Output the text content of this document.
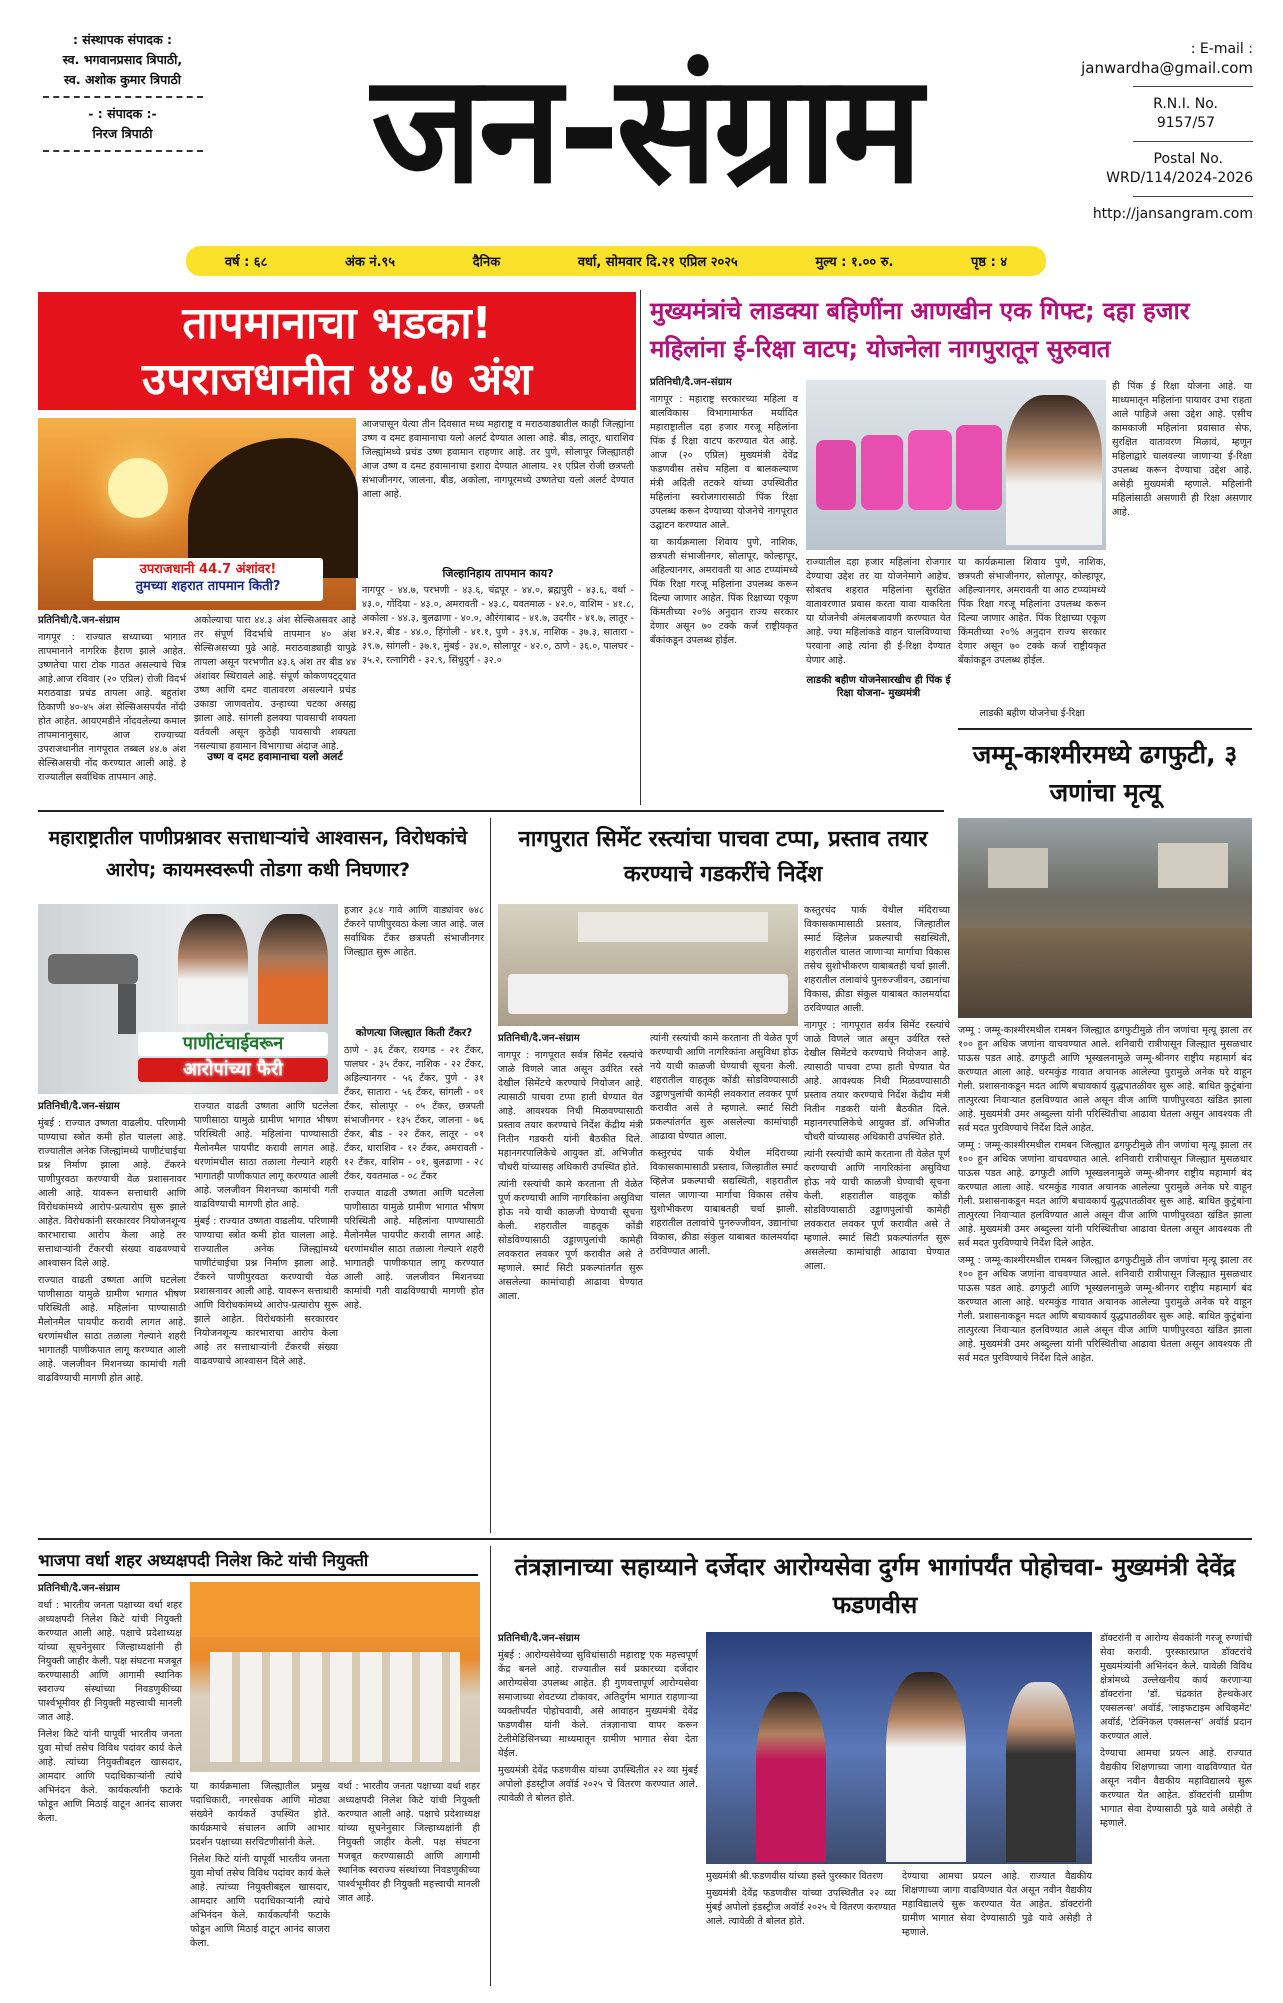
: संस्थापक संपादक :
स्व. भगवानप्रसाद त्रिपाठी,
स्व. अशोक कुमार त्रिपाठी
- : संपादक :-
निरज त्रिपाठी	जन-संग्राम	: E-mail :
janwardha@gmail.com
R.N.I. No.
9157/57
Postal No.
WRD/114/2024-2026
http://jansangram.com
वर्ष : ६८	अंक नं.९५	दैनिक	वर्धा, सोमवार दि.२१ एप्रिल २०२५	मुल्य : १.०० रु.	पृष्ठ : ४
तापमानाचा भडका!
उपराजधानीत ४४.७ अंश
उपराजधानी 44.7 अंशांवर!
तुमच्या शहरात तापमान किती?

प्रतिनिधी/दै.जन-संग्राम

नागपूर : राज्यात सध्याच्या भागात तापमानाने नागरिक हैराण झाले आहेत. उष्णतेचा पारा टोक गाठत असल्याचे चित्र आहे.आज रविवार (२० एप्रिल) रोजी विदर्भ मराठवाडा प्रचंड तापला आहे. बहुतांश ठिकाणी ४०-४५ अंश सेल्सिअसपर्यंत नोंदी होत आहेत. आयएमडीने नोंदवलेल्या कमाल तापमानानुसार, आज राज्याच्या उपराजधानीत नागपूरात तब्बल ४४.७ अंश सेल्सिअसची नोंद करण्यात आली आहे. हे राज्यातील सर्वाधिक तापमान आहे.

अकोल्याचा पारा ४४.३ अंश सेल्सिअसवर आहे तर संपूर्ण विदर्भाचे तापमान ४० अंश सेल्सिअसच्या पुढे आहे. मराठवाड्याही यापुढे तापला असून परभणीत ४३.६ अंश तर बीड ४४ अंशांवर स्थिरावले आहे. संपूर्ण कोकणपट्ट्यात उष्ण आणि दमट वातावरण असल्याने प्रचंड उकाडा जाणवतोय. उन्हाच्या चटका असह्य झाला आहे. सांगली हलक्या पावसाची शक्यता वर्तवली असून कुठेही पावसाची शक्यता नसल्याचा हवामान विभागाचा अंदाज आहे.

उष्ण व दमट हवामानाचा यलो अलर्ट

आजपासून येत्या तीन दिवसात मध्य महाराष्ट्र व मराठवाड्यातील काही जिल्ह्यांना उष्ण व दमट हवामानाचा यलो अलर्ट देण्यात आला आहे. बीड, लातूर, धाराशिव जिल्ह्यांमध्ये प्रचंड उष्ण हवामान राहणार आहे. तर पुणे, सोलापूर जिल्ह्यातही आज उष्ण व दमट हवामानाचा इशारा देण्यात आलाय. २१ एप्रिल रोजी छत्रपती संभाजीनगर, जालना, बीड, अकोला, नागपूरमध्ये उष्णतेचा यलो अलर्ट देण्यात आला आहे.

जिल्हानिहाय तापमान काय?

नागपूर - ४४.७, परभणी - ४३.६, चंद्रपूर - ४४.०, ब्रह्मपुरी - ४३.६, वर्धा - ४३.०, गोंदिया - ४३.०, अमरावती - ४३.८, यवतमाळ - ४२.०, वाशिम - ४१.८, अकोला - ४४.३, बुलढाणा - ४०.०, औरंगाबाद - ४१.७, उदगीर - ४१.७, लातूर - ४२.२, बीड - ४४.०, हिंगोली - ४१.१, पुणे - ३९.४, नाशिक - ३७.३, सातारा - ३९.७, सांगली - ३७.१, मुंबई - ३४.०, सोलापूर - ४२.०, ठाणे - ३६.०, पालघर - ३५.२, रत्नागिरी - ३२.९, सिंधुदुर्ग - ३२.०

मुख्यमंत्रांचे लाडक्या बहिणींना आणखीन एक गिफ्ट; दहा हजार महिलांना ई-रिक्षा वाटप; योजनेला नागपुरातून सुरुवात

प्रतिनिधी/दै.जन-संग्राम

नागपूर : महाराष्ट्र सरकारच्या महिला व बालविकास विभागामार्फत मर्यादित महाराष्ट्रातील दहा हजार गरजू महिलांना पिंक ई रिक्षा वाटप करण्यात येत आहे. आज (२० एप्रिल) मुख्यमंत्री देवेंद्र फडणवीस तसेच महिला व बालकल्याण मंत्री अदिती तटकरे यांच्या उपस्थितीत महिलांना स्वरोजगारासाठी पिंक रिक्षा उपलब्ध करून देण्याच्या योजनेचे नागपूरात उद्घाटन करण्यात आले.

या कार्यक्रमाला शिवाय पुणे, नाशिक, छत्रपती संभाजीनगर, सोलापूर, कोल्हापूर, अहिल्यानगर, अमरावती या आठ टप्प्यांमध्ये पिंक रिक्षा गरजू महिलांना उपलब्ध करून दिल्या जाणार आहेत. पिंक रिक्षाच्या एकूण किंमतीच्या २०% अनुदान राज्य सरकार देणार असून ७० टक्के कर्ज राष्ट्रीयकृत बँकांकडून उपलब्ध होईल.

राज्यातील दहा हजार महिलांना रोजगार देण्याचा उद्देश तर या योजनेमागे आहेच. सोबतच शहरात महिलांना सुरक्षित वातावरणात प्रवास करता यावा याकरिता या योजनेची अंमलबजावणी करण्यात येत आहे. ज्या महिलांकडे वाहन चालविण्याचा परवाना आहे त्यांना ही ई-रिक्षा देण्यात येणार आहे.

लाडकी बहीण योजनेसारखीच ही पिंक ई रिक्षा योजना- मुख्यमंत्री

या कार्यक्रमाला शिवाय पुणे, नाशिक, छत्रपती संभाजीनगर, सोलापूर, कोल्हापूर, अहिल्यानगर, अमरावती या आठ टप्प्यांमध्ये पिंक रिक्षा गरजू महिलांना उपलब्ध करून दिल्या जाणार आहेत. पिंक रिक्षाच्या एकूण किंमतीच्या २०% अनुदान राज्य सरकार देणार असून ७० टक्के कर्ज राष्ट्रीयकृत बँकांकडून उपलब्ध होईल.

लाडकी बहीण योजनेचा ई-रिक्षा

ही पिंक ई रिक्षा योजना आहे. या माध्यमातून महिलांना पायावर उभा राहता आले पाहिजे असा उद्देश आहे. एसीच कामकाजी महिलांना प्रवासात सेफ, सुरक्षित वातावरण मिळावं, म्हणून महिलाद्वारे चालवल्या जाणाऱ्या ई-रिक्षा उपलब्ध करून देण्याचा उद्देश आहे. असेही मुख्यमंत्री म्हणाले. महिलांनी महिलांसाठी असणारी ही रिक्षा असणार आहे.

जम्मू-काश्मीरमध्ये ढगफुटी, ३ जणांचा मृत्यू

जम्मू : जम्मू-काश्मीरमधील रामबन जिल्ह्यात ढगफुटीमुळे तीन जणांचा मृत्यू झाला तर १०० हून अधिक जणांना वाचवण्यात आले. शनिवारी रात्रीपासून जिल्ह्यात मुसळधार पाऊस पडत आहे. ढगफुटी आणि भूस्खलनामुळे जम्मू-श्रीनगर राष्ट्रीय महामार्ग बंद करण्यात आला आहे. धरमकुंड गावात अचानक आलेल्या पुरामुळे अनेक घरे वाहून गेली. प्रशासनाकडून मदत आणि बचावकार्य युद्धपातळीवर सुरू आहे. बाधित कुटुंबांना तात्पुरत्या निवाऱ्यात हलविण्यात आले असून वीज आणि पाणीपुरवठा खंडित झाला आहे. मुख्यमंत्री उमर अब्दुल्ला यांनी परिस्थितीचा आढावा घेतला असून आवश्यक ती सर्व मदत पुरविण्याचे निर्देश दिले आहेत.

जम्मू : जम्मू-काश्मीरमधील रामबन जिल्ह्यात ढगफुटीमुळे तीन जणांचा मृत्यू झाला तर १०० हून अधिक जणांना वाचवण्यात आले. शनिवारी रात्रीपासून जिल्ह्यात मुसळधार पाऊस पडत आहे. ढगफुटी आणि भूस्खलनामुळे जम्मू-श्रीनगर राष्ट्रीय महामार्ग बंद करण्यात आला आहे. धरमकुंड गावात अचानक आलेल्या पुरामुळे अनेक घरे वाहून गेली. प्रशासनाकडून मदत आणि बचावकार्य युद्धपातळीवर सुरू आहे. बाधित कुटुंबांना तात्पुरत्या निवाऱ्यात हलविण्यात आले असून वीज आणि पाणीपुरवठा खंडित झाला आहे. मुख्यमंत्री उमर अब्दुल्ला यांनी परिस्थितीचा आढावा घेतला असून आवश्यक ती सर्व मदत पुरविण्याचे निर्देश दिले आहेत.

जम्मू : जम्मू-काश्मीरमधील रामबन जिल्ह्यात ढगफुटीमुळे तीन जणांचा मृत्यू झाला तर १०० हून अधिक जणांना वाचवण्यात आले. शनिवारी रात्रीपासून जिल्ह्यात मुसळधार पाऊस पडत आहे. ढगफुटी आणि भूस्खलनामुळे जम्मू-श्रीनगर राष्ट्रीय महामार्ग बंद करण्यात आला आहे. धरमकुंड गावात अचानक आलेल्या पुरामुळे अनेक घरे वाहून गेली. प्रशासनाकडून मदत आणि बचावकार्य युद्धपातळीवर सुरू आहे. बाधित कुटुंबांना तात्पुरत्या निवाऱ्यात हलविण्यात आले असून वीज आणि पाणीपुरवठा खंडित झाला आहे. मुख्यमंत्री उमर अब्दुल्ला यांनी परिस्थितीचा आढावा घेतला असून आवश्यक ती सर्व मदत पुरविण्याचे निर्देश दिले आहेत.

महाराष्ट्रातील पाणीप्रश्नावर सत्ताधाऱ्यांचे आश्वासन, विरोधकांचे आरोप; कायमस्वरूपी तोडगा कधी निघणार?
पाणीटंचाईवरून
आरोपांच्या फैरी

प्रतिनिधी/दै.जन-संग्राम

मुंबई : राज्यात उष्णता वाढलीय. परिणामी पाण्याचा स्त्रोत कमी होत चालला आहे. राज्यातील अनेक जिल्ह्यांमध्ये पाणीटंचाईचा प्रश्न निर्माण झाला आहे. टँकरने पाणीपुरवठा करण्याची वेळ प्रशासनावर आली आहे. यावरून सत्ताधारी आणि विरोधकांमध्ये आरोप-प्रत्यारोप सुरू झाले आहेत. विरोधकांनी सरकारवर नियोजनशून्य कारभाराचा आरोप केला आहे तर सत्ताधाऱ्यांनी टँकरची संख्या वाढवण्याचे आश्वासन दिले आहे.

राज्यात वाढती उष्णता आणि घटलेला पाणीसाठा यामुळे ग्रामीण भागात भीषण परिस्थिती आहे. महिलांना पाण्यासाठी मैलोनमैल पायपीट करावी लागत आहे. धरणांमधील साठा तळाला गेल्याने शहरी भागातही पाणीकपात लागू करण्यात आली आहे. जलजीवन मिशनच्या कामांची गती वाढविण्याची मागणी होत आहे.

राज्यात वाढती उष्णता आणि घटलेला पाणीसाठा यामुळे ग्रामीण भागात भीषण परिस्थिती आहे. महिलांना पाण्यासाठी मैलोनमैल पायपीट करावी लागत आहे. धरणांमधील साठा तळाला गेल्याने शहरी भागातही पाणीकपात लागू करण्यात आली आहे. जलजीवन मिशनच्या कामांची गती वाढविण्याची मागणी होत आहे.

मुंबई : राज्यात उष्णता वाढलीय. परिणामी पाण्याचा स्त्रोत कमी होत चालला आहे. राज्यातील अनेक जिल्ह्यांमध्ये पाणीटंचाईचा प्रश्न निर्माण झाला आहे. टँकरने पाणीपुरवठा करण्याची वेळ प्रशासनावर आली आहे. यावरून सत्ताधारी आणि विरोधकांमध्ये आरोप-प्रत्यारोप सुरू झाले आहेत. विरोधकांनी सरकारवर नियोजनशून्य कारभाराचा आरोप केला आहे तर सत्ताधाऱ्यांनी टँकरची संख्या वाढवण्याचे आश्वासन दिले आहे.

हजार ३८४ गावे आणि वाड्यांवर ७४८ टँकरने पाणीपुरवठा केला जात आहे. जल सर्वाधिक टँकर छत्रपती संभाजीनगर जिल्ह्यात सुरू आहेत.

कोणत्या जिल्ह्यात किती टँकर?

ठाणे - ३६ टँकर, रायगड - २१ टँकर, पालघर - ३५ टँकर, नाशिक - २२ टँकर, अहिल्यानगर - ५६ टँकर, पुणे - ३१ टँकर, सातारा - ५६ टँकर, सांगली - ०१ टँकर, सोलापूर - ०५ टँकर, छत्रपती संभाजीनगर - १३५ टँकर, जालना - ७६ टँकर, बीड - २२ टँकर, लातूर - ०१ टँकर, धाराशिव - १२ टँकर, अमरावती - १२ टँकर, वाशिम - ०१, बुलढाणा - २८ टँकर, यवतमाळ - ०८ टँकर

राज्यात वाढती उष्णता आणि घटलेला पाणीसाठा यामुळे ग्रामीण भागात भीषण परिस्थिती आहे. महिलांना पाण्यासाठी मैलोनमैल पायपीट करावी लागत आहे. धरणांमधील साठा तळाला गेल्याने शहरी भागातही पाणीकपात लागू करण्यात आली आहे. जलजीवन मिशनच्या कामांची गती वाढविण्याची मागणी होत आहे.

नागपुरात सिमेंट रस्त्यांचा पाचवा टप्पा, प्रस्ताव तयार करण्याचे गडकरींचे निर्देश

प्रतिनिधी/दै.जन-संग्राम

नागपूर : नागपूरात सर्वत्र सिमेंट रस्त्यांचे जाळे विणले जात असून उर्वरित रस्ते देखील सिमेंटचे करण्याचे नियोजन आहे. त्यासाठी पाचवा टप्पा हाती घेण्यात येत आहे. आवश्यक निधी मिळवण्यासाठी प्रस्ताव तयार करण्याचे निर्देश केंद्रीय मंत्री नितीन गडकरी यांनी बैठकीत दिले. महानगरपालिकेचे आयुक्त डॉ. अभिजीत चौधरी यांच्यासह अधिकारी उपस्थित होते.

त्यांनी रस्त्यांची कामे करताना ती वेळेत पूर्ण करण्याची आणि नागरिकांना असुविधा होऊ नये याची काळजी घेण्याची सूचना केली. शहरातील वाहतूक कोंडी सोडविण्यासाठी उड्डाणपुलांची कामेही लवकरात लवकर पूर्ण करावीत असे ते म्हणाले. स्मार्ट सिटी प्रकल्पांतर्गत सुरू असलेल्या कामांचाही आढावा घेण्यात आला.

त्यांनी रस्त्यांची कामे करताना ती वेळेत पूर्ण करण्याची आणि नागरिकांना असुविधा होऊ नये याची काळजी घेण्याची सूचना केली. शहरातील वाहतूक कोंडी सोडविण्यासाठी उड्डाणपुलांची कामेही लवकरात लवकर पूर्ण करावीत असे ते म्हणाले. स्मार्ट सिटी प्रकल्पांतर्गत सुरू असलेल्या कामांचाही आढावा घेण्यात आला.

कस्तुरचंद पार्क येथील मंदिराच्या विकासकामासाठी प्रस्ताव, जिल्हातील स्मार्ट व्हिलेज प्रकल्पाची सद्यस्थिती, शहरातील चालत जाणाऱ्या मार्गाचा विकास तसेच सुशोभीकरण याबाबतही चर्चा झाली. शहरातील तलावांचे पुनरुज्जीवन, उद्यानांचा विकास, क्रीडा संकुल याबाबत कालमर्यादा ठरविण्यात आली.

कस्तुरचंद पार्क येथील मंदिराच्या विकासकामासाठी प्रस्ताव, जिल्हातील स्मार्ट व्हिलेज प्रकल्पाची सद्यस्थिती, शहरातील चालत जाणाऱ्या मार्गाचा विकास तसेच सुशोभीकरण याबाबतही चर्चा झाली. शहरातील तलावांचे पुनरुज्जीवन, उद्यानांचा विकास, क्रीडा संकुल याबाबत कालमर्यादा ठरविण्यात आली.

नागपूर : नागपूरात सर्वत्र सिमेंट रस्त्यांचे जाळे विणले जात असून उर्वरित रस्ते देखील सिमेंटचे करण्याचे नियोजन आहे. त्यासाठी पाचवा टप्पा हाती घेण्यात येत आहे. आवश्यक निधी मिळवण्यासाठी प्रस्ताव तयार करण्याचे निर्देश केंद्रीय मंत्री नितीन गडकरी यांनी बैठकीत दिले. महानगरपालिकेचे आयुक्त डॉ. अभिजीत चौधरी यांच्यासह अधिकारी उपस्थित होते.

त्यांनी रस्त्यांची कामे करताना ती वेळेत पूर्ण करण्याची आणि नागरिकांना असुविधा होऊ नये याची काळजी घेण्याची सूचना केली. शहरातील वाहतूक कोंडी सोडविण्यासाठी उड्डाणपुलांची कामेही लवकरात लवकर पूर्ण करावीत असे ते म्हणाले. स्मार्ट सिटी प्रकल्पांतर्गत सुरू असलेल्या कामांचाही आढावा घेण्यात आला.

भाजपा वर्धा शहर अध्यक्षपदी निलेश किटे यांची नियुक्ती

प्रतिनिधी/दै.जन-संग्राम

वर्धा : भारतीय जनता पक्षाच्या वर्धा शहर अध्यक्षपदी निलेश किटे यांची नियुक्ती करण्यात आली आहे. पक्षाचे प्रदेशाध्यक्ष यांच्या सूचनेनुसार जिल्हाध्यक्षांनी ही नियुक्ती जाहीर केली. पक्ष संघटना मजबूत करण्यासाठी आणि आगामी स्थानिक स्वराज्य संस्थांच्या निवडणुकीच्या पार्श्वभूमीवर ही नियुक्ती महत्त्वाची मानली जात आहे.

निलेश किटे यांनी यापूर्वी भारतीय जनता युवा मोर्चा तसेच विविध पदांवर कार्य केले आहे. त्यांच्या नियुक्तीबद्दल खासदार, आमदार आणि पदाधिकाऱ्यांनी त्यांचे अभिनंदन केले. कार्यकर्त्यांनी फटाके फोडून आणि मिठाई वाटून आनंद साजरा केला.

या कार्यक्रमाला जिल्ह्यातील प्रमुख पदाधिकारी, नगरसेवक आणि मोठ्या संख्येने कार्यकर्ते उपस्थित होते. कार्यक्रमाचे संचालन आणि आभार प्रदर्शन पक्षाच्या सरचिटणीसांनी केले.

निलेश किटे यांनी यापूर्वी भारतीय जनता युवा मोर्चा तसेच विविध पदांवर कार्य केले आहे. त्यांच्या नियुक्तीबद्दल खासदार, आमदार आणि पदाधिकाऱ्यांनी त्यांचे अभिनंदन केले. कार्यकर्त्यांनी फटाके फोडून आणि मिठाई वाटून आनंद साजरा केला.

वर्धा : भारतीय जनता पक्षाच्या वर्धा शहर अध्यक्षपदी निलेश किटे यांची नियुक्ती करण्यात आली आहे. पक्षाचे प्रदेशाध्यक्ष यांच्या सूचनेनुसार जिल्हाध्यक्षांनी ही नियुक्ती जाहीर केली. पक्ष संघटना मजबूत करण्यासाठी आणि आगामी स्थानिक स्वराज्य संस्थांच्या निवडणुकीच्या पार्श्वभूमीवर ही नियुक्ती महत्त्वाची मानली जात आहे.

तंत्रज्ञानाच्या सहाय्याने दर्जेदार आरोग्यसेवा दुर्गम भागांपर्यंत पोहोचवा- मुख्यमंत्री देवेंद्र फडणवीस

प्रतिनिधी/दै.जन-संग्राम

मुंबई : आरोग्यसेवेच्या सुविधांसाठी महाराष्ट्र एक महत्त्वपूर्ण केंद्र बनले आहे. राज्यातील सर्व प्रकारच्या दर्जेदार आरोग्यसेवा उपलब्ध आहेत. ही गुणवत्तापूर्ण आरोग्यसेवा समाजाच्या शेवटच्या टोकावर, अतिदुर्गम भागात राहणाऱ्या व्यक्तीपर्यंत पोहोचवावी, असे आवाहन मुख्यमंत्री देवेंद्र फडणवीस यांनी केले. तंत्रज्ञानाचा वापर करून टेलीमेडिसिनच्या माध्यमातून ग्रामीण भागात सेवा देता येईल.

मुख्यमंत्री देवेंद्र फडणवीस यांच्या उपस्थितीत २२ व्या मुंबई अपोलो इंडस्ट्रीज अवॉर्ड २०२५ चे वितरण करण्यात आले. त्यावेळी ते बोलत होते.

मुख्यमंत्री श्री.फडणवीस यांच्या हस्ते पुरस्कार वितरण

मुख्यमंत्री देवेंद्र फडणवीस यांच्या उपस्थितीत २२ व्या मुंबई अपोलो इंडस्ट्रीज अवॉर्ड २०२५ चे वितरण करण्यात आले. त्यावेळी ते बोलत होते.

देण्याचा आमचा प्रयत्न आहे. राज्यात वैद्यकीय शिक्षणाच्या जागा वाढविण्यात येत असून नवीन वैद्यकीय महाविद्यालये सुरू करण्यात येत आहेत. डॉक्टरांनी ग्रामीण भागात सेवा देण्यासाठी पुढे यावे असेही ते म्हणाले.

डॉक्टरांनी व आरोग्य सेवकांनी गरजू रुग्णांची सेवा करावी. पुरस्कारप्राप्त डॉक्टरांचे मुख्यमंत्र्यांनी अभिनंदन केले. यावेळी विविध क्षेत्रांमध्ये उल्लेखनीय कार्य करणाऱ्या डॉक्टरांना 'डॉ. चंद्रकांत हेल्थकेअर एक्सलन्स' अवॉर्ड, 'लाइफटाइम अचिव्हमेंट' अवॉर्ड, 'टेक्निकल एक्सलन्स' अवॉर्ड प्रदान करण्यात आले.

देण्याचा आमचा प्रयत्न आहे. राज्यात वैद्यकीय शिक्षणाच्या जागा वाढविण्यात येत असून नवीन वैद्यकीय महाविद्यालये सुरू करण्यात येत आहेत. डॉक्टरांनी ग्रामीण भागात सेवा देण्यासाठी पुढे यावे असेही ते म्हणाले.
